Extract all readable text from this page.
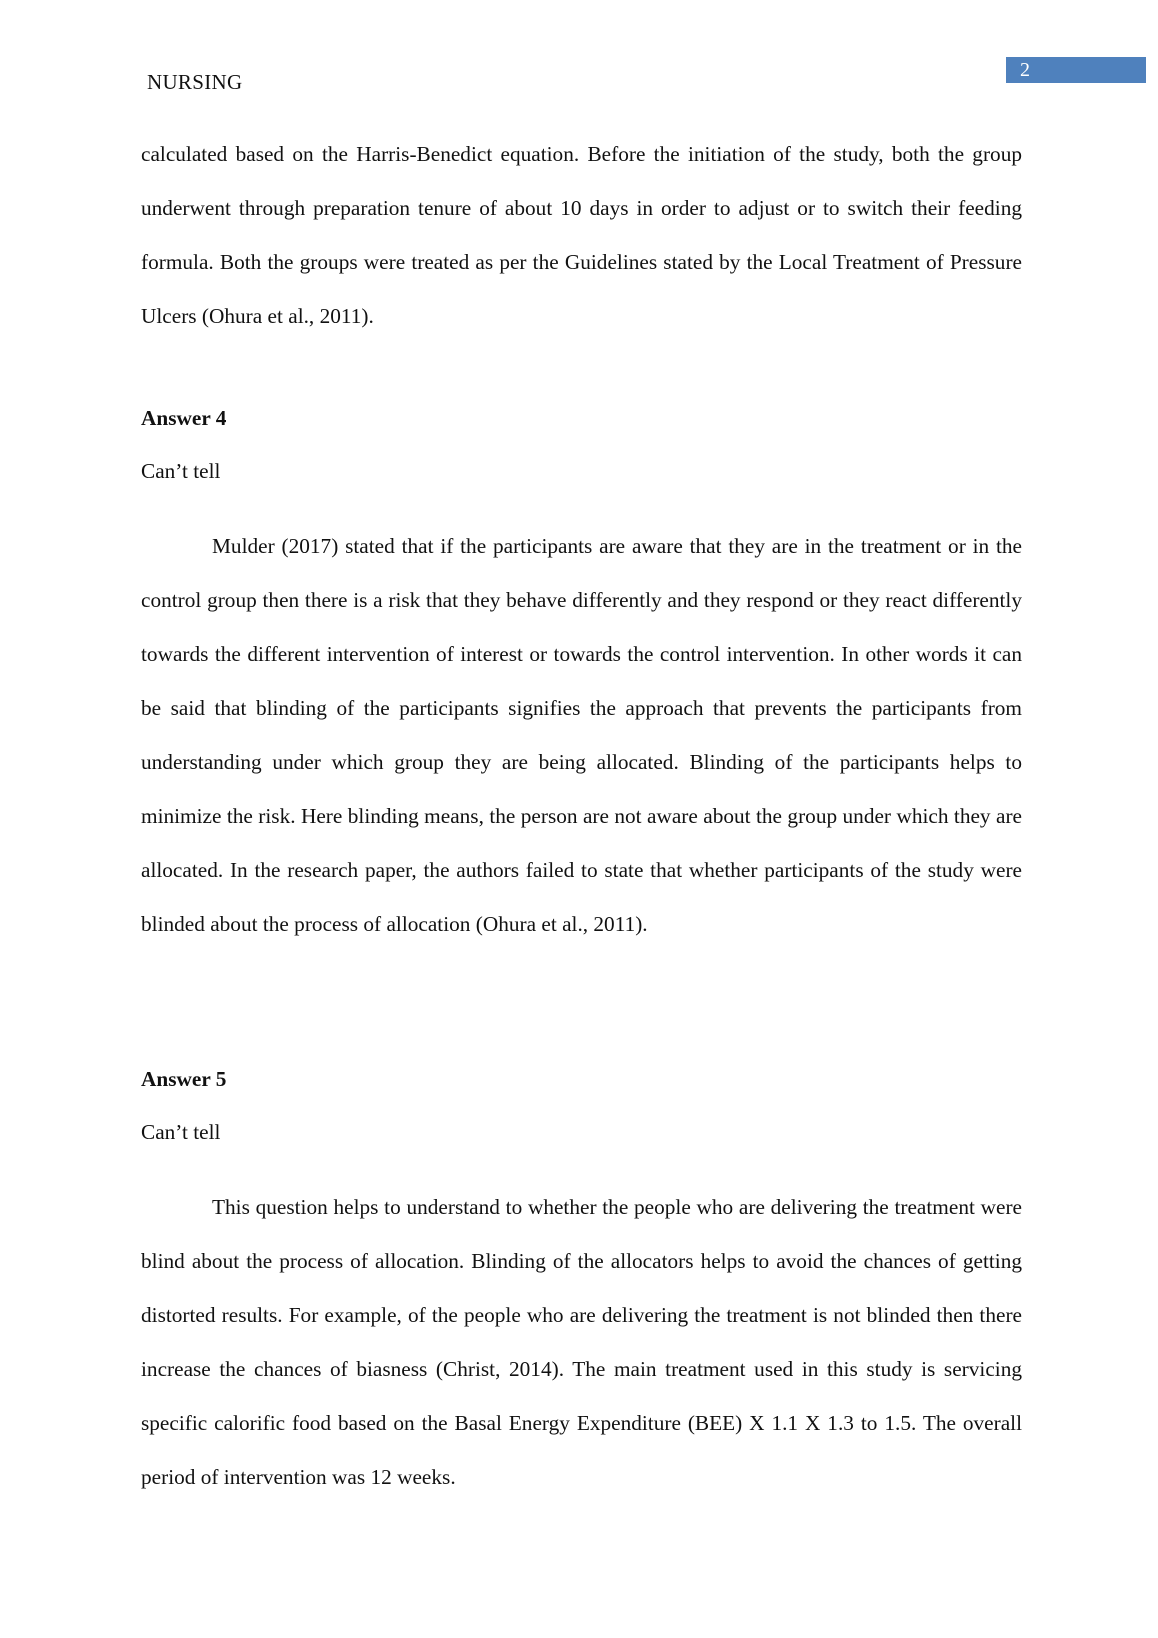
NURSING	2

calculated based on the Harris-Benedict equation. Before the initiation of the study, both the group underwent through preparation tenure of about 10 days in order to adjust or to switch their feeding formula. Both the groups were treated as per the Guidelines stated by the Local Treatment of Pressure Ulcers (Ohura et al., 2011).

Answer 4

Can’t tell

Mulder (2017) stated that if the participants are aware that they are in the treatment or in the control group then there is a risk that they behave differently and they respond or they react differently towards the different intervention of interest or towards the control intervention. In other words it can be said that blinding of the participants signifies the approach that prevents the participants from understanding under which group they are being allocated. Blinding of the participants helps to minimize the risk. Here blinding means, the person are not aware about the group under which they are allocated. In the research paper, the authors failed to state that whether participants of the study were blinded about the process of allocation (Ohura et al., 2011).

Answer 5

Can’t tell

This question helps to understand to whether the people who are delivering the treatment were blind about the process of allocation. Blinding of the allocators helps to avoid the chances of getting distorted results. For example, of the people who are delivering the treatment is not blinded then there increase the chances of biasness (Christ, 2014). The main treatment used in this study is servicing specific calorific food based on the Basal Energy Expenditure (BEE) X 1.1 X 1.3 to 1.5. The overall period of intervention was 12 weeks.
